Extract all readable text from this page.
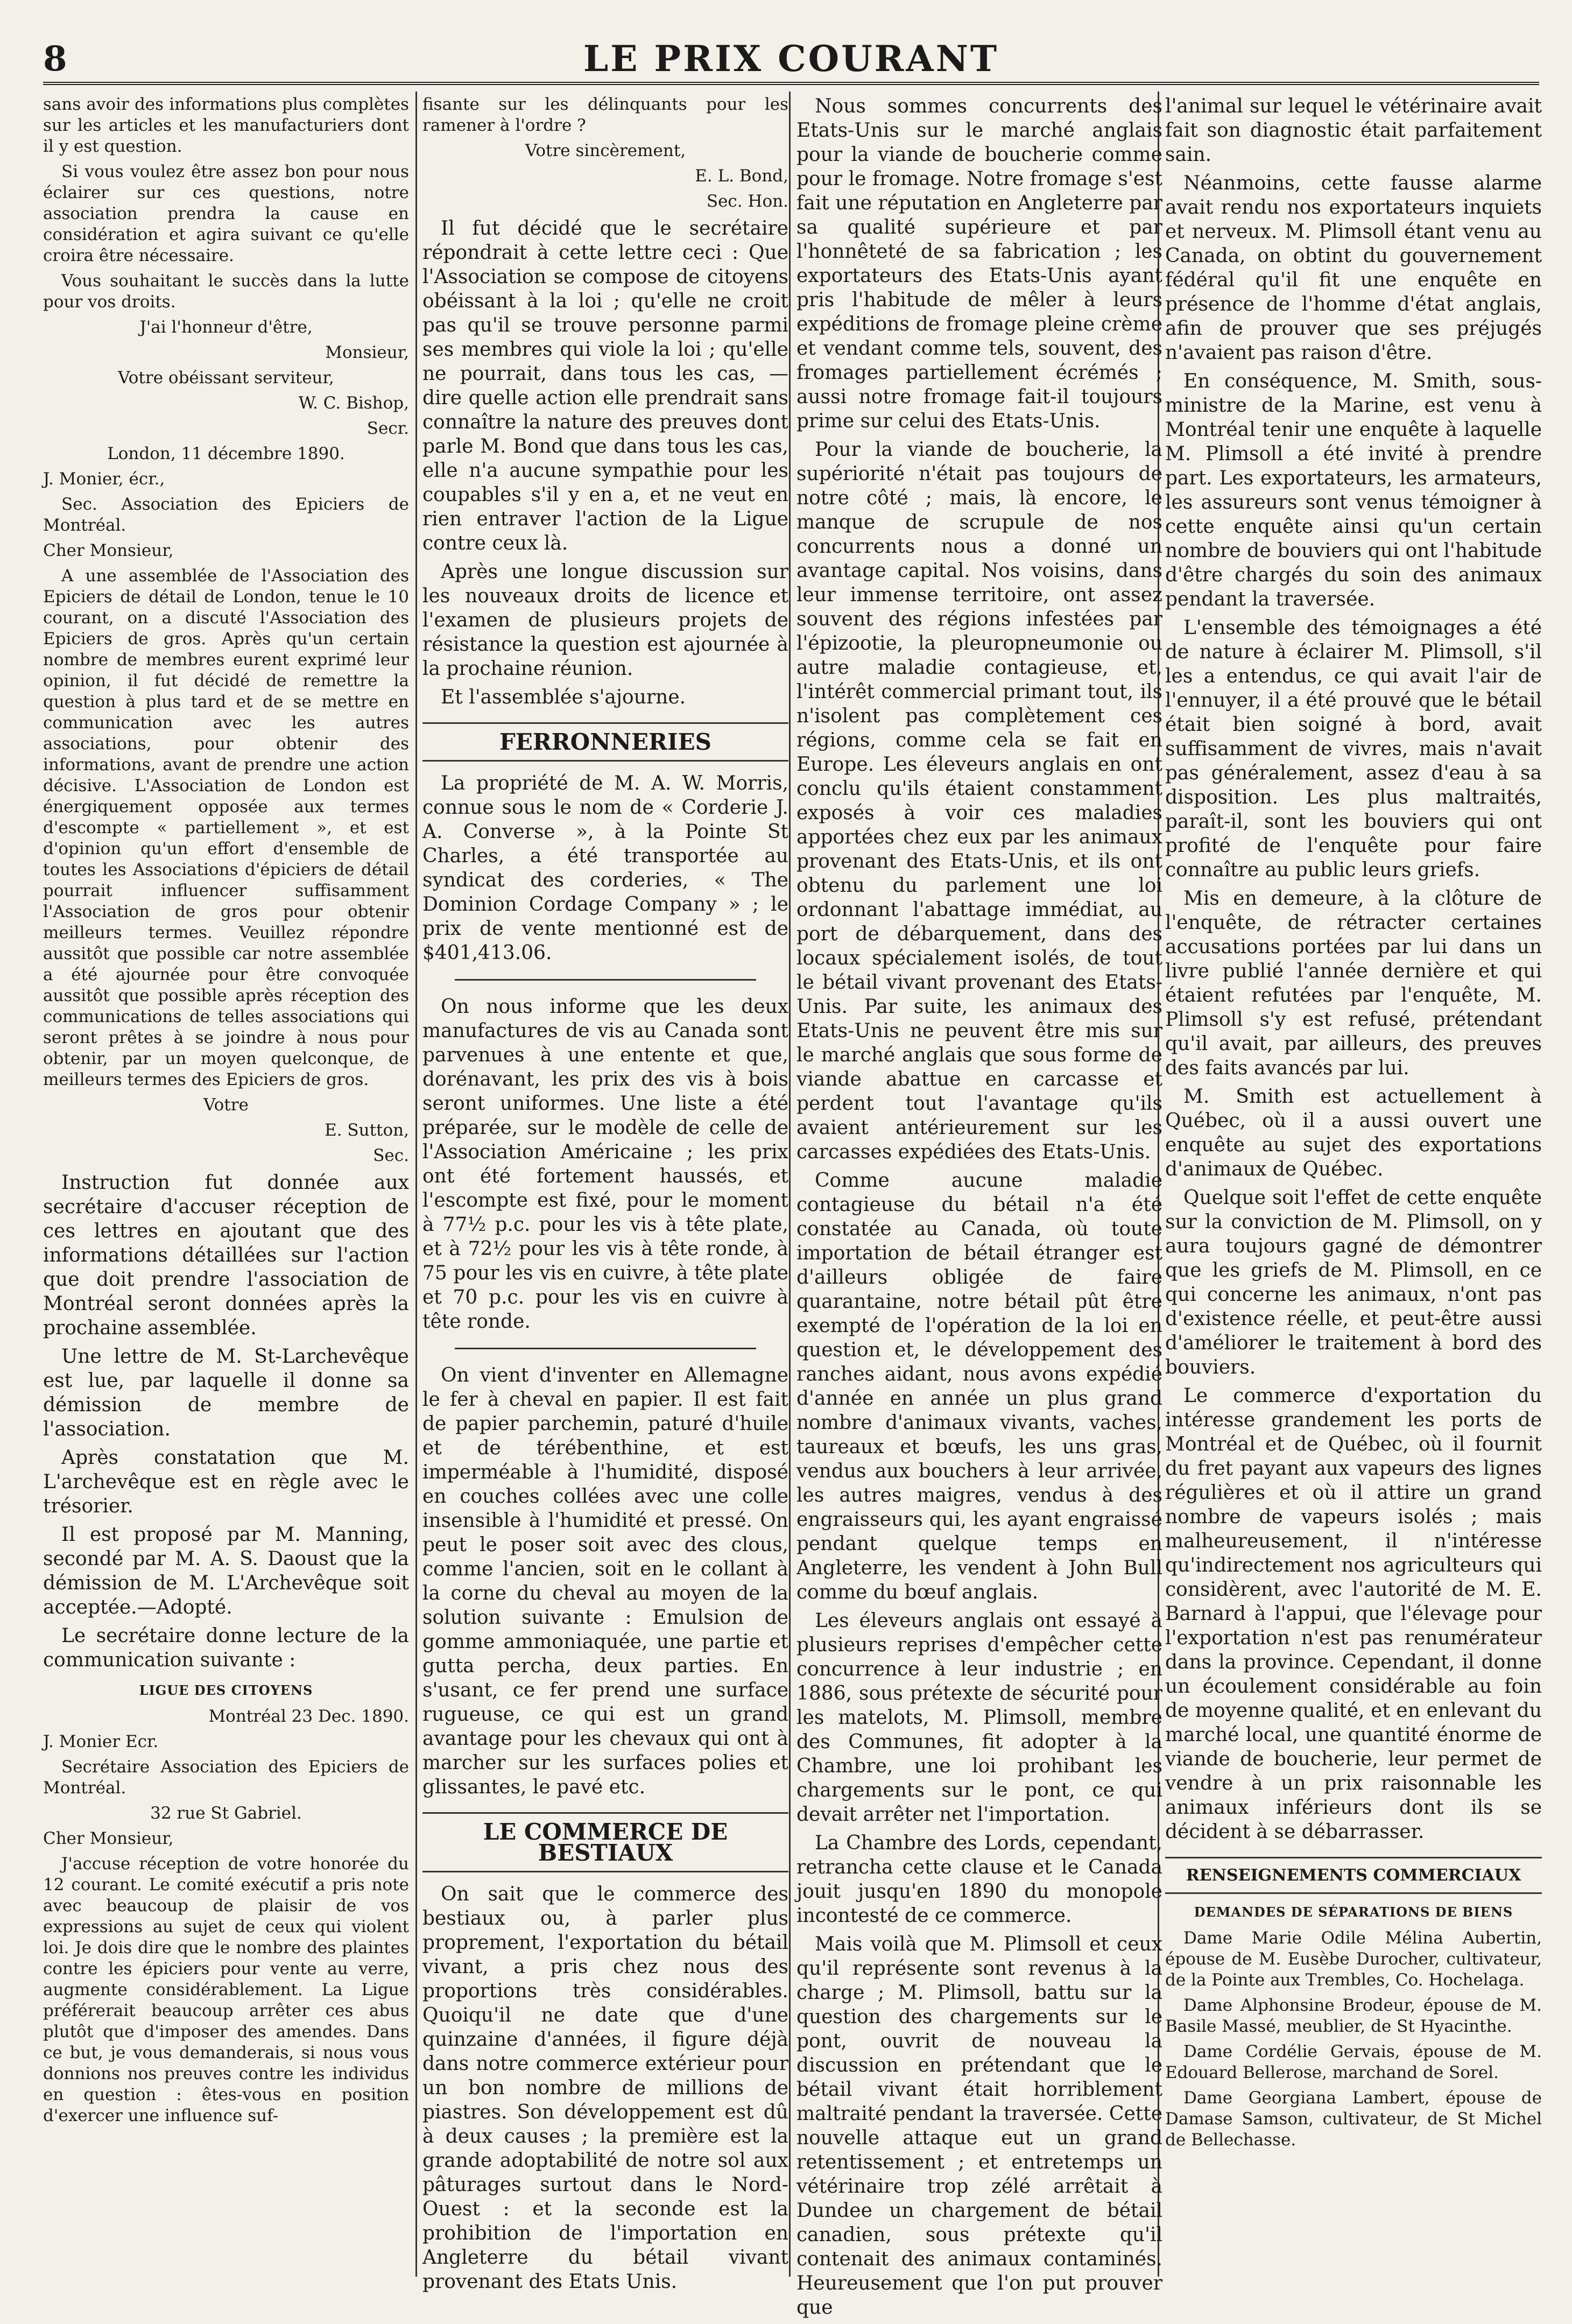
8	LE PRIX COURANT

sans avoir des informations plus complètes sur les articles et les manufacturiers dont il y est question.

Si vous voulez être assez bon pour nous éclairer sur ces questions, notre association prendra la cause en considération et agira suivant ce qu'elle croira être nécessaire.

Vous souhaitant le succès dans la lutte pour vos droits.

J'ai l'honneur d'être,

Monsieur,

Votre obéissant serviteur,

W. C. Bishop,

Secr.

London, 11 décembre 1890.

J. Monier, écr.,

Sec. Association des Epiciers de Montréal.

Cher Monsieur,

A une assemblée de l'Association des Epiciers de détail de London, tenue le 10 courant, on a discuté l'Association des Epiciers de gros. Après qu'un certain nombre de membres eurent exprimé leur opinion, il fut décidé de remettre la question à plus tard et de se mettre en communication avec les autres associations, pour obtenir des informations, avant de prendre une action décisive. L'Association de London est énergiquement opposée aux termes d'escompte « partiellement », et est d'opinion qu'un effort d'ensemble de toutes les Associations d'épiciers de détail pourrait influencer suffisamment l'Association de gros pour obtenir meilleurs termes. Veuillez répondre aussitôt que possible car notre assemblée a été ajournée pour être convoquée aussitôt que possible après réception des communications de telles associations qui seront prêtes à se joindre à nous pour obtenir, par un moyen quelconque, de meilleurs termes des Epiciers de gros.

Votre

E. Sutton,

Sec.

Instruction fut donnée aux secrétaire d'accuser réception de ces lettres en ajoutant que des informations détaillées sur l'action que doit prendre l'association de Montréal seront données après la prochaine assemblée.

Une lettre de M. St-Larchevêque est lue, par laquelle il donne sa démission de membre de l'association.

Après constatation que M. L'archevêque est en règle avec le trésorier.

Il est proposé par M. Manning, secondé par M. A. S. Daoust que la démission de M. L'Archevêque soit acceptée.—Adopté.

Le secrétaire donne lecture de la communication suivante :

LIGUE DES CITOYENS

Montréal 23 Dec. 1890.

J. Monier Ecr.

Secrétaire Association des Epiciers de Montréal.

32 rue St Gabriel.

Cher Monsieur,

J'accuse réception de votre honorée du 12 courant. Le comité exécutif a pris note avec beaucoup de plaisir de vos expressions au sujet de ceux qui violent loi. Je dois dire que le nombre des plaintes contre les épiciers pour vente au verre, augmente considérablement. La Ligue préférerait beaucoup arrêter ces abus plutôt que d'imposer des amendes. Dans ce but, je vous demanderais, si nous vous donnions nos preuves contre les individus en question : êtes-vous en position d'exercer une influence suf-

fisante sur les délinquants pour les ramener à l'ordre ?

Votre sincèrement,

E. L. Bond,

Sec. Hon.

Il fut décidé que le secrétaire répondrait à cette lettre ceci : Que l'Association se compose de citoyens obéissant à la loi ; qu'elle ne croit pas qu'il se trouve personne parmi ses membres qui viole la loi ; qu'elle ne pourrait, dans tous les cas, — dire quelle action elle prendrait sans connaître la nature des preuves dont parle M. Bond que dans tous les cas, elle n'a aucune sympathie pour les coupables s'il y en a, et ne veut en rien entraver l'action de la Ligue contre ceux là.

Après une longue discussion sur les nouveaux droits de licence et l'examen de plusieurs projets de résistance la question est ajournée à la prochaine réunion.

Et l'assemblée s'ajourne.

FERRONNERIES

La propriété de M. A. W. Morris, connue sous le nom de « Corderie J. A. Converse », à la Pointe St Charles, a été transportée au syndicat des corderies, « The Dominion Cordage Company » ; le prix de vente mentionné est de $401,413.06.

On nous informe que les deux manufactures de vis au Canada sont parvenues à une entente et que, dorénavant, les prix des vis à bois seront uniformes. Une liste a été préparée, sur le modèle de celle de l'Association Américaine ; les prix ont été fortement haussés, et l'escompte est fixé, pour le moment à 77½ p.c. pour les vis à tête plate, et à 72½ pour les vis à tête ronde, à 75 pour les vis en cuivre, à tête plate et 70 p.c. pour les vis en cuivre à tête ronde.

On vient d'inventer en Allemagne le fer à cheval en papier. Il est fait de papier parchemin, paturé d'huile et de térébenthine, et est imperméable à l'humidité, disposé en couches collées avec une colle insensible à l'humidité et pressé. On peut le poser soit avec des clous, comme l'ancien, soit en le collant à la corne du cheval au moyen de la solution suivante : Emulsion de gomme ammoniaquée, une partie et gutta percha, deux parties. En s'usant, ce fer prend une surface rugueuse, ce qui est un grand avantage pour les chevaux qui ont à marcher sur les surfaces polies et glissantes, le pavé etc.

LE COMMERCE DE BESTIAUX

On sait que le commerce des bestiaux ou, à parler plus proprement, l'exportation du bétail vivant, a pris chez nous des proportions très considérables. Quoiqu'il ne date que d'une quinzaine d'années, il figure déjà dans notre commerce extérieur pour un bon nombre de millions de piastres. Son développement est dû à deux causes ; la première est la grande adoptabilité de notre sol aux pâturages surtout dans le Nord-Ouest : et la seconde est la prohibition de l'importation en Angleterre du bétail vivant provenant des Etats Unis.

Nous sommes concurrents des Etats-Unis sur le marché anglais pour la viande de boucherie comme pour le fromage. Notre fromage s'est fait une réputation en Angleterre par sa qualité supérieure et par l'honnêteté de sa fabrication ; les exportateurs des Etats-Unis ayant pris l'habitude de mêler à leurs expéditions de fromage pleine crème et vendant comme tels, souvent, des fromages partiellement écrémés ; aussi notre fromage fait-il toujours prime sur celui des Etats-Unis.

Pour la viande de boucherie, la supériorité n'était pas toujours de notre côté ; mais, là encore, le manque de scrupule de nos concurrents nous a donné un avantage capital. Nos voisins, dans leur immense territoire, ont assez souvent des régions infestées par l'épizootie, la pleuropneumonie ou autre maladie contagieuse, et, l'intérêt commercial primant tout, ils n'isolent pas complètement ces régions, comme cela se fait en Europe. Les éleveurs anglais en ont conclu qu'ils étaient constamment exposés à voir ces maladies apportées chez eux par les animaux provenant des Etats-Unis, et ils ont obtenu du parlement une loi ordonnant l'abattage immédiat, au port de débarquement, dans des locaux spécialement isolés, de tout le bétail vivant provenant des Etats-Unis. Par suite, les animaux des Etats-Unis ne peuvent être mis sur le marché anglais que sous forme de viande abattue en carcasse et perdent tout l'avantage qu'ils avaient antérieurement sur les carcasses expédiées des Etats-Unis.

Comme aucune maladie contagieuse du bétail n'a été constatée au Canada, où toute importation de bétail étranger est d'ailleurs obligée de faire quarantaine, notre bétail pût être exempté de l'opération de la loi en question et, le développement des ranches aidant, nous avons expédié d'année en année un plus grand nombre d'animaux vivants, vaches, taureaux et bœufs, les uns gras, vendus aux bouchers à leur arrivée, les autres maigres, vendus à des engraisseurs qui, les ayant engraissé pendant quelque temps en Angleterre, les vendent à John Bull comme du bœuf anglais.

Les éleveurs anglais ont essayé à plusieurs reprises d'empêcher cette concurrence à leur industrie ; en 1886, sous prétexte de sécurité pour les matelots, M. Plimsoll, membre des Communes, fit adopter à la Chambre, une loi prohibant les chargements sur le pont, ce qui devait arrêter net l'importation.

La Chambre des Lords, cependant, retrancha cette clause et le Canada jouit jusqu'en 1890 du monopole incontesté de ce commerce.

Mais voilà que M. Plimsoll et ceux qu'il représente sont revenus à la charge ; M. Plimsoll, battu sur la question des chargements sur le pont, ouvrit de nouveau la discussion en prétendant que le bétail vivant était horriblement maltraité pendant la traversée. Cette nouvelle attaque eut un grand retentissement ; et entretemps un vétérinaire trop zélé arrêtait à Dundee un chargement de bétail canadien, sous prétexte qu'il contenait des animaux contaminés. Heureusement que l'on put prouver que

l'animal sur lequel le vétérinaire avait fait son diagnostic était parfaitement sain.

Néanmoins, cette fausse alarme avait rendu nos exportateurs inquiets et nerveux. M. Plimsoll étant venu au Canada, on obtint du gouvernement fédéral qu'il fit une enquête en présence de l'homme d'état anglais, afin de prouver que ses préjugés n'avaient pas raison d'être.

En conséquence, M. Smith, sous-ministre de la Marine, est venu à Montréal tenir une enquête à laquelle M. Plimsoll a été invité à prendre part. Les exportateurs, les armateurs, les assureurs sont venus témoigner à cette enquête ainsi qu'un certain nombre de bouviers qui ont l'habitude d'être chargés du soin des animaux pendant la traversée.

L'ensemble des témoignages a été de nature à éclairer M. Plimsoll, s'il les a entendus, ce qui avait l'air de l'ennuyer, il a été prouvé que le bétail était bien soigné à bord, avait suffisamment de vivres, mais n'avait pas généralement, assez d'eau à sa disposition. Les plus maltraités, paraît-il, sont les bouviers qui ont profité de l'enquête pour faire connaître au public leurs griefs.

Mis en demeure, à la clôture de l'enquête, de rétracter certaines accusations portées par lui dans un livre publié l'année dernière et qui étaient refutées par l'enquête, M. Plimsoll s'y est refusé, prétendant qu'il avait, par ailleurs, des preuves des faits avancés par lui.

M. Smith est actuellement à Québec, où il a aussi ouvert une enquête au sujet des exportations d'animaux de Québec.

Quelque soit l'effet de cette enquête sur la conviction de M. Plimsoll, on y aura toujours gagné de démontrer que les griefs de M. Plimsoll, en ce qui concerne les animaux, n'ont pas d'existence réelle, et peut-être aussi d'améliorer le traitement à bord des bouviers.

Le commerce d'exportation du intéresse grandement les ports de Montréal et de Québec, où il fournit du fret payant aux vapeurs des lignes régulières et où il attire un grand nombre de vapeurs isolés ; mais malheureusement, il n'intéresse qu'indirectement nos agriculteurs qui considèrent, avec l'autorité de M. E. Barnard à l'appui, que l'élevage pour l'exportation n'est pas renumérateur dans la province. Cependant, il donne un écoulement considérable au foin de moyenne qualité, et en enlevant du marché local, une quantité énorme de viande de boucherie, leur permet de vendre à un prix raisonnable les animaux inférieurs dont ils se décident à se débarrasser.

RENSEIGNEMENTS COMMERCIAUX

DEMANDES DE SÉPARATIONS DE BIENS

Dame Marie Odile Mélina Aubertin, épouse de M. Eusèbe Durocher, cultivateur, de la Pointe aux Trembles, Co. Hochelaga.

Dame Alphonsine Brodeur, épouse de M. Basile Massé, meublier, de St Hyacinthe.

Dame Cordélie Gervais, épouse de M. Edouard Bellerose, marchand de Sorel.

Dame Georgiana Lambert, épouse de Damase Samson, cultivateur, de St Michel de Bellechasse.
